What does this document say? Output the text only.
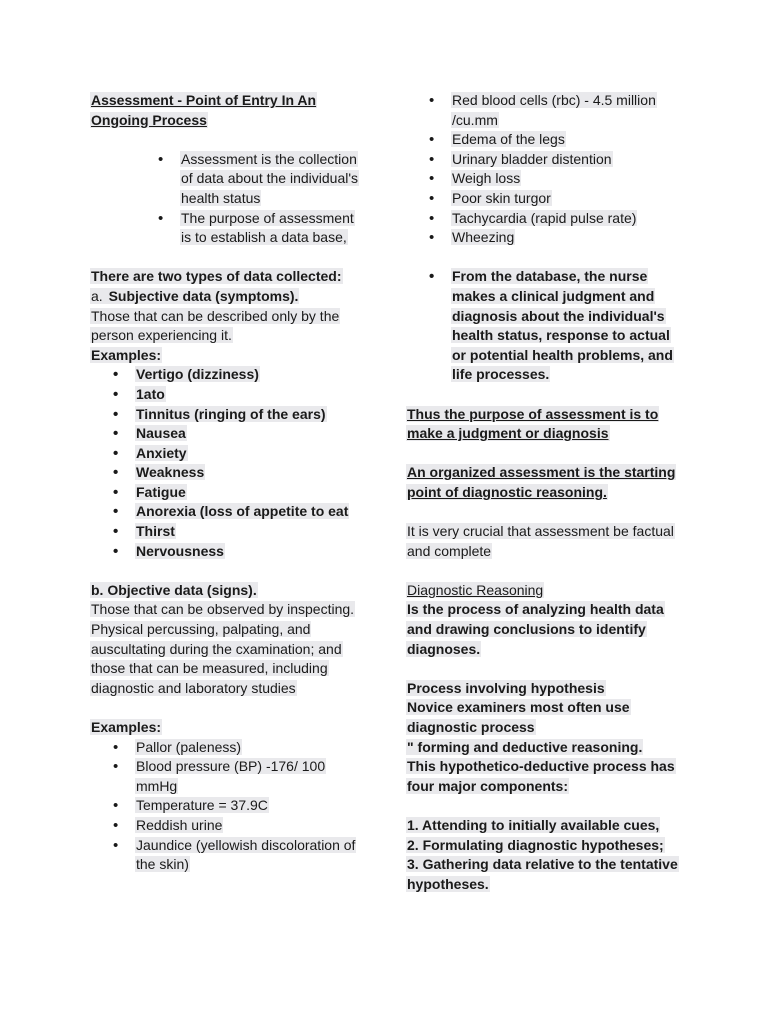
Assessment - Point of Entry In An Ongoing Process
• Assessment is the collection of data about the individual's health status
• The purpose of assessment is to establish a data base,
There are two types of data collected:
a. Subjective data (symptoms).
Those that can be described only by the person experiencing it.
Examples:
• Vertigo (dizziness)
• 1ato
• Tinnitus (ringing of the ears)
• Nausea
• Anxiety
• Weakness
• Fatigue
• Anorexia (loss of appetite to eat
• Thirst
• Nervousness
b. Objective data (signs).
Those that can be observed by inspecting.
Physical percussing, palpating, and auscultating during the cxamination; and those that can be measured, including diagnostic and laboratory studies
Examples:
• Pallor (paleness)
• Blood pressure (BP) -176/ 100 mmHg
• Temperature = 37.9C
• Reddish urine
• Jaundice (yellowish discoloration of the skin)
• Red blood cells (rbc) - 4.5 million /cu.mm
• Edema of the legs
• Urinary bladder distention
• Weigh loss
• Poor skin turgor
• Tachycardia (rapid pulse rate)
• Wheezing
• From the database, the nurse makes a clinical judgment and diagnosis about the individual's health status, response to actual or potential health problems, and life processes.
Thus the purpose of assessment is to make a judgment or diagnosis
An organized assessment is the starting point of diagnostic reasoning.
It is very crucial that assessment be factual and complete
Diagnostic Reasoning
Is the process of analyzing health data and drawing conclusions to identify diagnoses.
Process involving hypothesis
Novice examiners most often use diagnostic process
" forming and deductive reasoning.
This hypothetico-deductive process has four major components:
1. Attending to initially available cues,
2. Formulating diagnostic hypotheses;
3. Gathering data relative to the tentative hypotheses.
